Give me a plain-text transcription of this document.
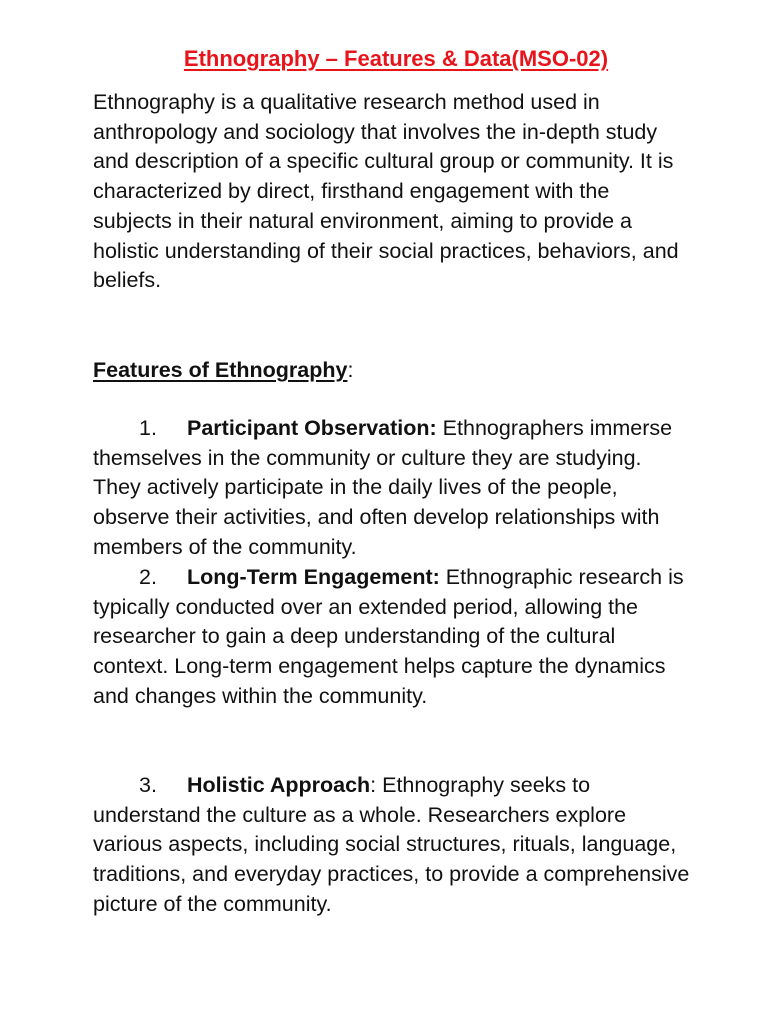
Ethnography – Features & Data(MSO-02)
Ethnography is a qualitative research method used in anthropology and sociology that involves the in-depth study and description of a specific cultural group or community. It is characterized by direct, firsthand engagement with the subjects in their natural environment, aiming to provide a holistic understanding of their social practices, behaviors, and beliefs.
Features of Ethnography:
1. Participant Observation: Ethnographers immerse themselves in the community or culture they are studying. They actively participate in the daily lives of the people, observe their activities, and often develop relationships with members of the community.
2. Long-Term Engagement: Ethnographic research is typically conducted over an extended period, allowing the researcher to gain a deep understanding of the cultural context. Long-term engagement helps capture the dynamics and changes within the community.
3. Holistic Approach: Ethnography seeks to understand the culture as a whole. Researchers explore various aspects, including social structures, rituals, language, traditions, and everyday practices, to provide a comprehensive picture of the community.
